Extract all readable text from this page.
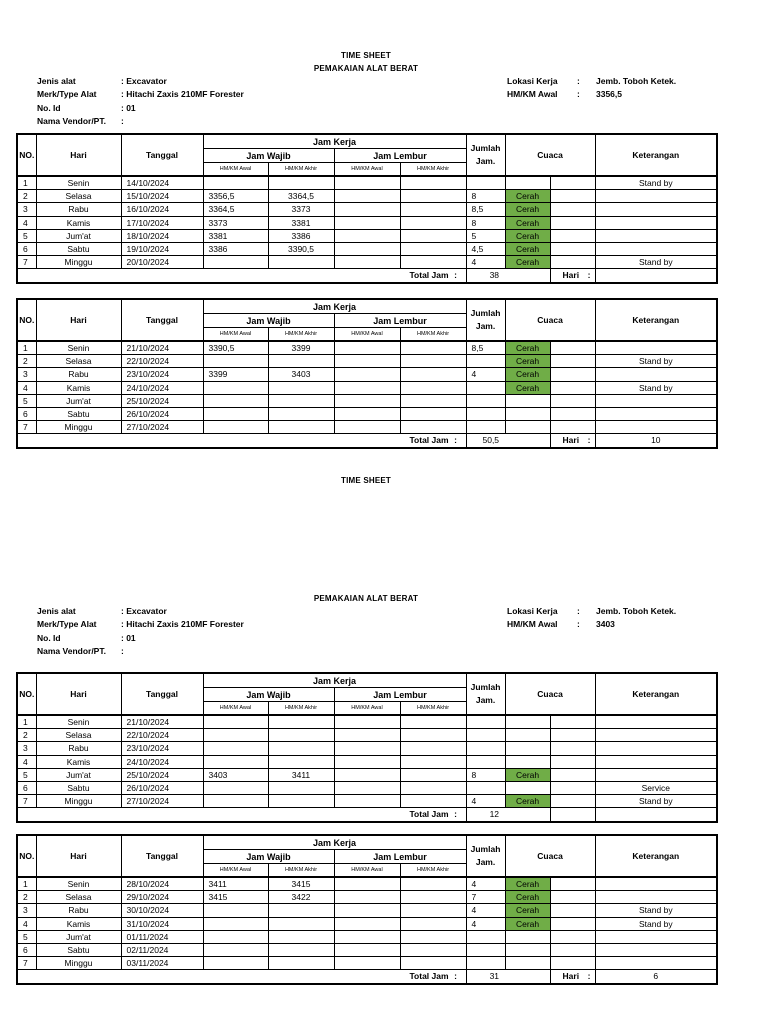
TIME SHEET
PEMAKAIAN ALAT BERAT
Jenis alat	: Excavator
Merk/Type Alat	: Hitachi Zaxis 210MF Forester
No. Id	: 01
Nama Vendor/PT.	:
Lokasi Kerja	:	Jemb. Toboh Ketek.
HM/KM Awal	:	3356,5
TIME SHEET
PEMAKAIAN ALAT BERAT
Jenis alat	: Excavator
Merk/Type Alat	: Hitachi Zaxis 210MF Forester
No. Id	: 01
Nama Vendor/PT.	:
Lokasi Kerja	:	Jemb. Toboh Ketek.
HM/KM Awal	:	3403
NO.	Hari	Tanggal	Jam Kerja				Jumlah
Jam.	Cuaca		Keterangan
			Jam Wajib		Jam Lembur					
			HM/KM Awal	HM/KM Akhir	HM/KM Awal	HM/KM Akhir				
1	Senin	14/10/2024								Stand by
2	Selasa	15/10/2024	3356,5	3364,5			8	Cerah		
3	Rabu	16/10/2024	3364,5	3373			8,5	Cerah		
4	Kamis	17/10/2024	3373	3381			8	Cerah		
5	Jum'at	18/10/2024	3381	3386			5	Cerah		
6	Sabtu	19/10/2024	3386	3390,5			4,5	Cerah		
7	Minggu	20/10/2024					4	Cerah		Stand by
Total Jam :							38		Hari :	
NO.	Hari	Tanggal	Jam Kerja				Jumlah
Jam.	Cuaca		Keterangan
			Jam Wajib		Jam Lembur					
			HM/KM Awal	HM/KM Akhir	HM/KM Awal	HM/KM Akhir				
1	Senin	21/10/2024	3390,5	3399			8,5	Cerah		
2	Selasa	22/10/2024						Cerah		Stand by
3	Rabu	23/10/2024	3399	3403			4	Cerah		
4	Kamis	24/10/2024						Cerah		Stand by
5	Jum'at	25/10/2024								
6	Sabtu	26/10/2024								
7	Minggu	27/10/2024								
Total Jam :							50,5		Hari :	10
NO.	Hari	Tanggal	Jam Kerja				Jumlah
Jam.	Cuaca		Keterangan
			Jam Wajib		Jam Lembur					
			HM/KM Awal	HM/KM Akhir	HM/KM Awal	HM/KM Akhir				
1	Senin	21/10/2024								
2	Selasa	22/10/2024								
3	Rabu	23/10/2024								
4	Kamis	24/10/2024								
5	Jum'at	25/10/2024	3403	3411			8	Cerah		
6	Sabtu	26/10/2024								Service
7	Minggu	27/10/2024					4	Cerah		Stand by
Total Jam :							12			
NO.	Hari	Tanggal	Jam Kerja				Jumlah
Jam.	Cuaca		Keterangan
			Jam Wajib		Jam Lembur					
			HM/KM Awal	HM/KM Akhir	HM/KM Awal	HM/KM Akhir				
1	Senin	28/10/2024	3411	3415			4	Cerah		
2	Selasa	29/10/2024	3415	3422			7	Cerah		
3	Rabu	30/10/2024					4	Cerah		Stand by
4	Kamis	31/10/2024					4	Cerah		Stand by
5	Jum'at	01/11/2024								
6	Sabtu	02/11/2024								
7	Minggu	03/11/2024								
Total Jam :							31		Hari :	6
